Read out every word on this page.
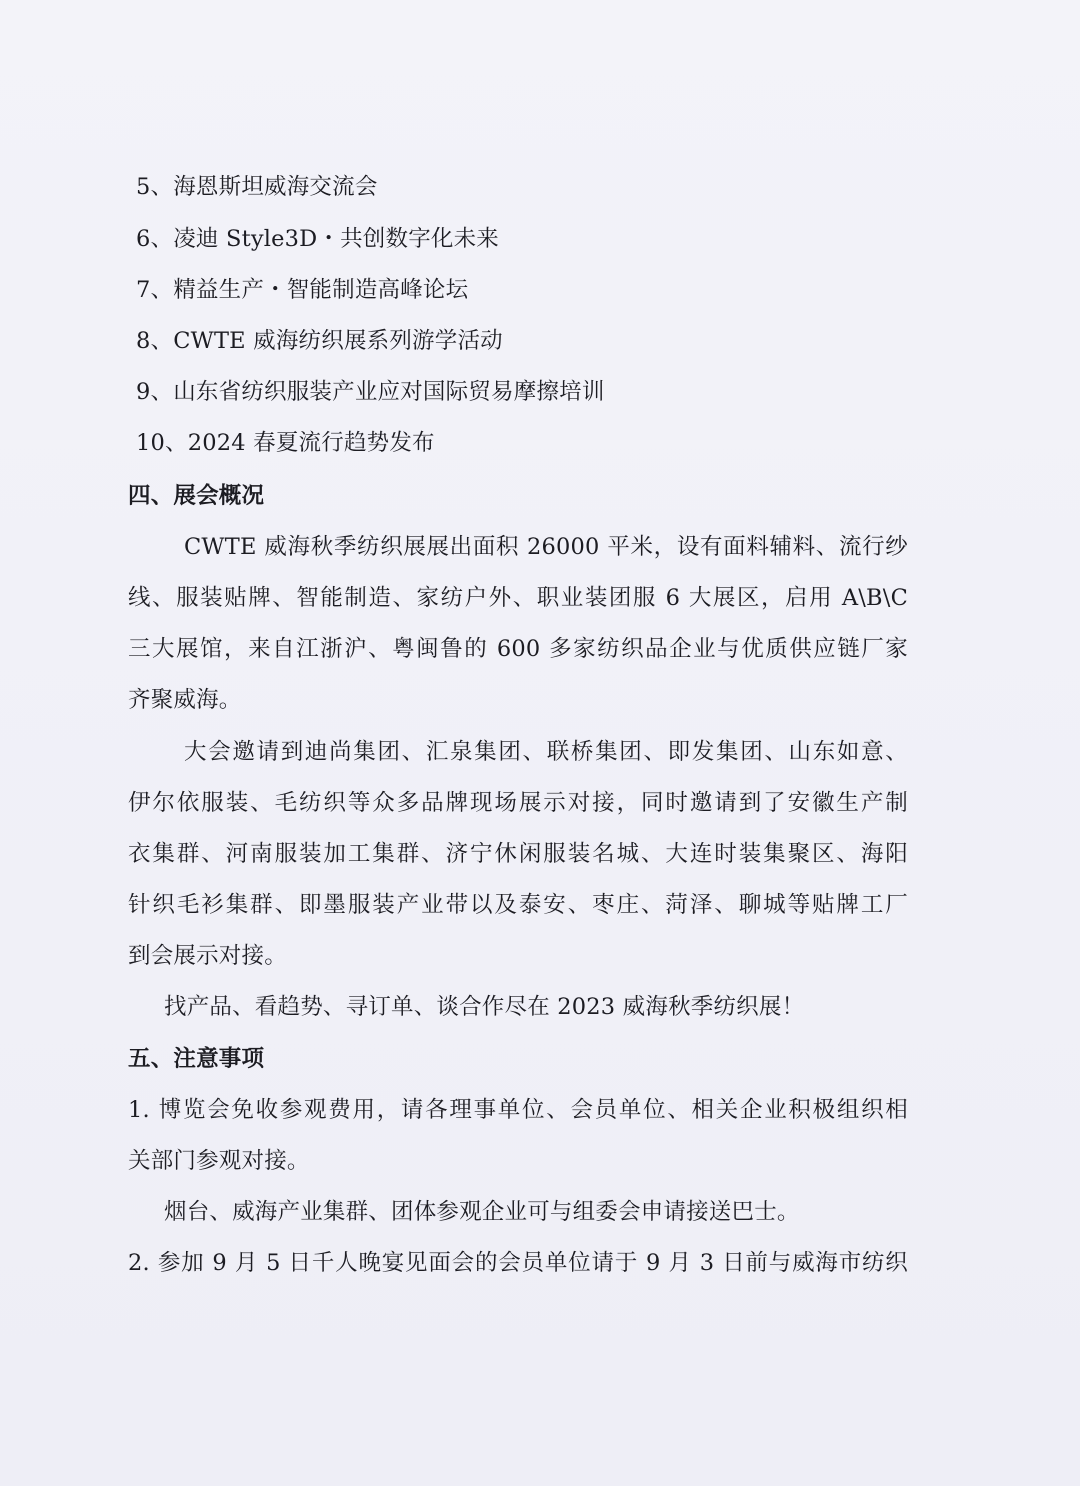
5、海恩斯坦威海交流会
6、凌迪 Style3D・共创数字化未来
7、精益生产・智能制造高峰论坛
8、CWTE 威海纺织展系列游学活动
9、山东省纺织服装产业应对国际贸易摩擦培训
10、2024 春夏流行趋势发布
四、展会概况
CWTE 威海秋季纺织展展出面积 26000 平米，设有面料辅料、流行纱
线、服装贴牌、智能制造、家纺户外、职业装团服 6 大展区，启用 A\B\C
三大展馆，来自江浙沪、粤闽鲁的 600 多家纺织品企业与优质供应链厂家
齐聚威海。
大会邀请到迪尚集团、汇泉集团、联桥集团、即发集团、山东如意、
伊尔依服装、毛纺织等众多品牌现场展示对接，同时邀请到了安徽生产制
衣集群、河南服装加工集群、济宁休闲服装名城、大连时装集聚区、海阳
针织毛衫集群、即墨服装产业带以及泰安、枣庄、菏泽、聊城等贴牌工厂
到会展示对接。
找产品、看趋势、寻订单、谈合作尽在 2023 威海秋季纺织展！
五、注意事项
1. 博览会免收参观费用，请各理事单位、会员单位、相关企业积极组织相
关部门参观对接。
烟台、威海产业集群、团体参观企业可与组委会申请接送巴士。
2. 参加 9 月 5 日千人晚宴见面会的会员单位请于 9 月 3 日前与威海市纺织
